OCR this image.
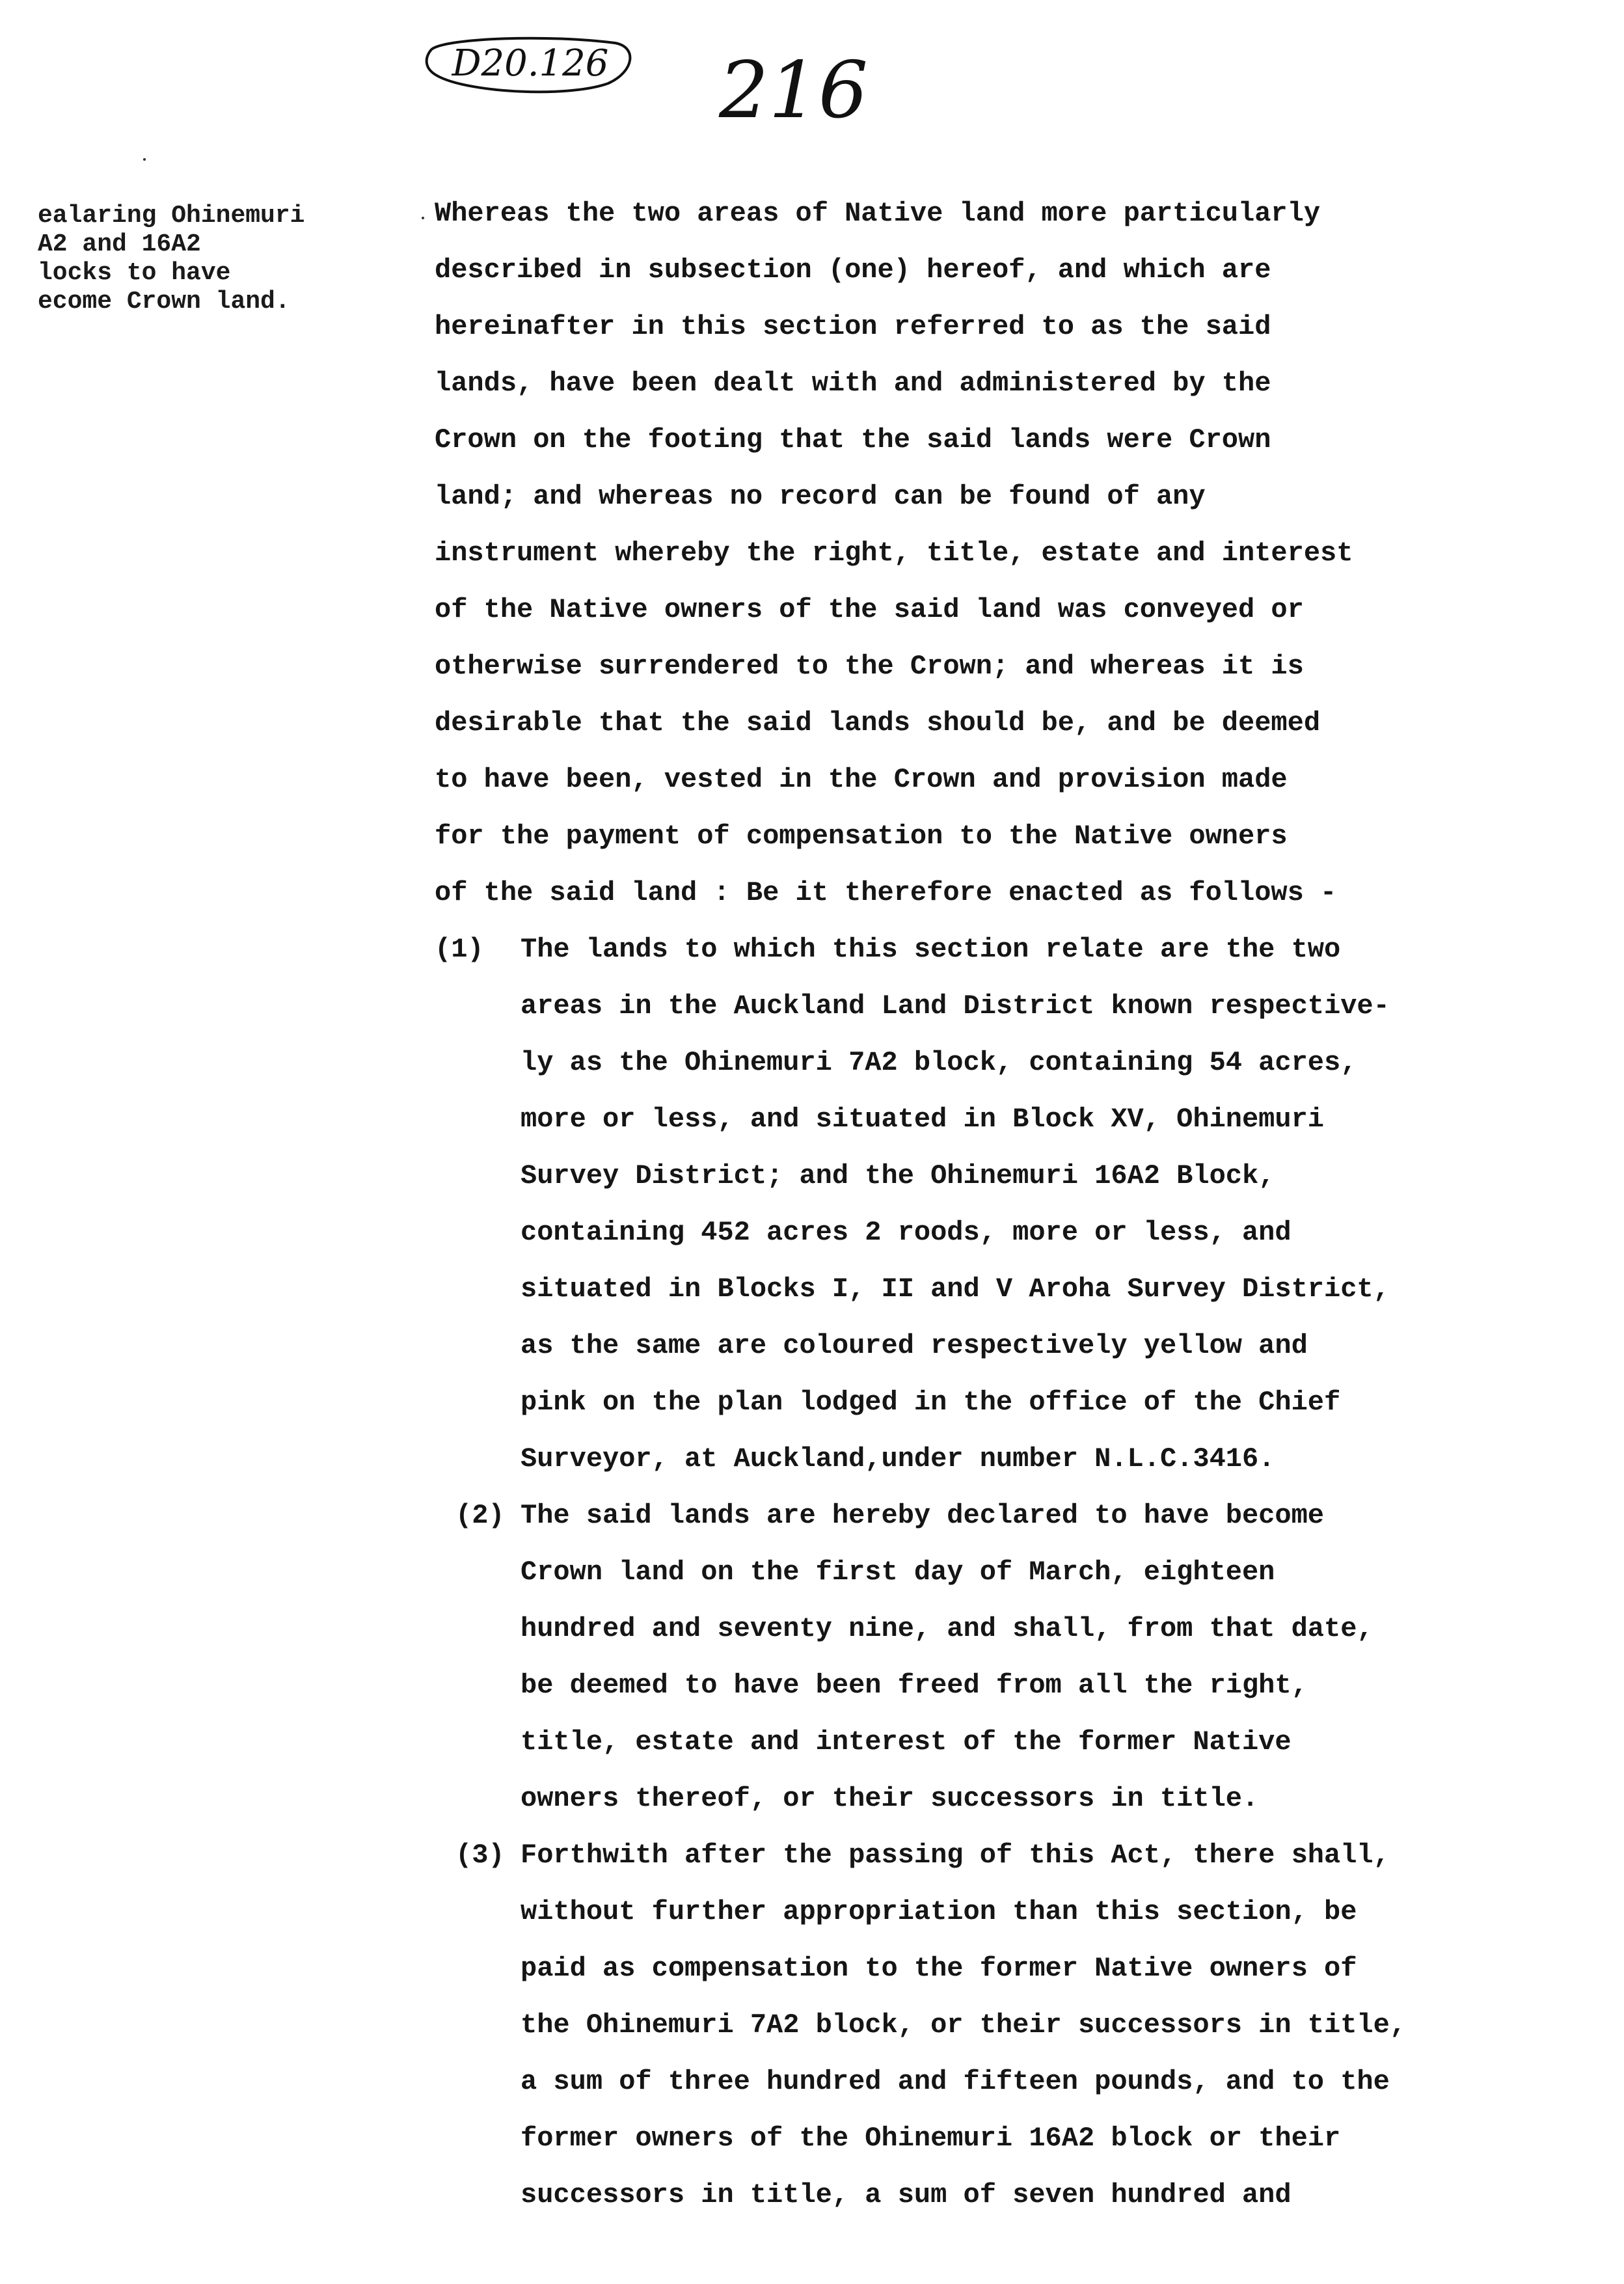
D20.126	216
ealaring Ohinemuri
A2 and 16A2
locks to have
ecome Crown land.
Whereas the two areas of Native land more particularly
described in subsection (one) hereof, and which are
hereinafter in this section referred to as the said
lands, have been dealt with and administered by the
Crown on the footing that the said lands were Crown
land; and whereas no record can be found of any
instrument whereby the right, title, estate and interest
of the Native owners of the said land was conveyed or
otherwise surrendered to the Crown; and whereas it is
desirable that the said lands should be, and be deemed
to have been, vested in the Crown and provision made
for the payment of compensation to the Native owners
of the said land : Be it therefore enacted as follows -
(1) The lands to which this section relate are the two
areas in the Auckland Land District known respective-
ly as the Ohinemuri 7A2 block, containing 54 acres,
more or less, and situated in Block XV, Ohinemuri
Survey District; and the Ohinemuri 16A2 Block,
containing 452 acres 2 roods, more or less, and
situated in Blocks I, II and V Aroha Survey District,
as the same are coloured respectively yellow and
pink on the plan lodged in the office of the Chief
Surveyor, at Auckland,under number N.L.C.3416.
(2) The said lands are hereby declared to have become
Crown land on the first day of March, eighteen
hundred and seventy nine, and shall, from that date,
be deemed to have been freed from all the right,
title, estate and interest of the former Native
owners thereof, or their successors in title.
(3) Forthwith after the passing of this Act, there shall,
without further appropriation than this section, be
paid as compensation to the former Native owners of
the Ohinemuri 7A2 block, or their successors in title,
a sum of three hundred and fifteen pounds, and to the
former owners of the Ohinemuri 16A2 block or their
successors in title, a sum of seven hundred and
